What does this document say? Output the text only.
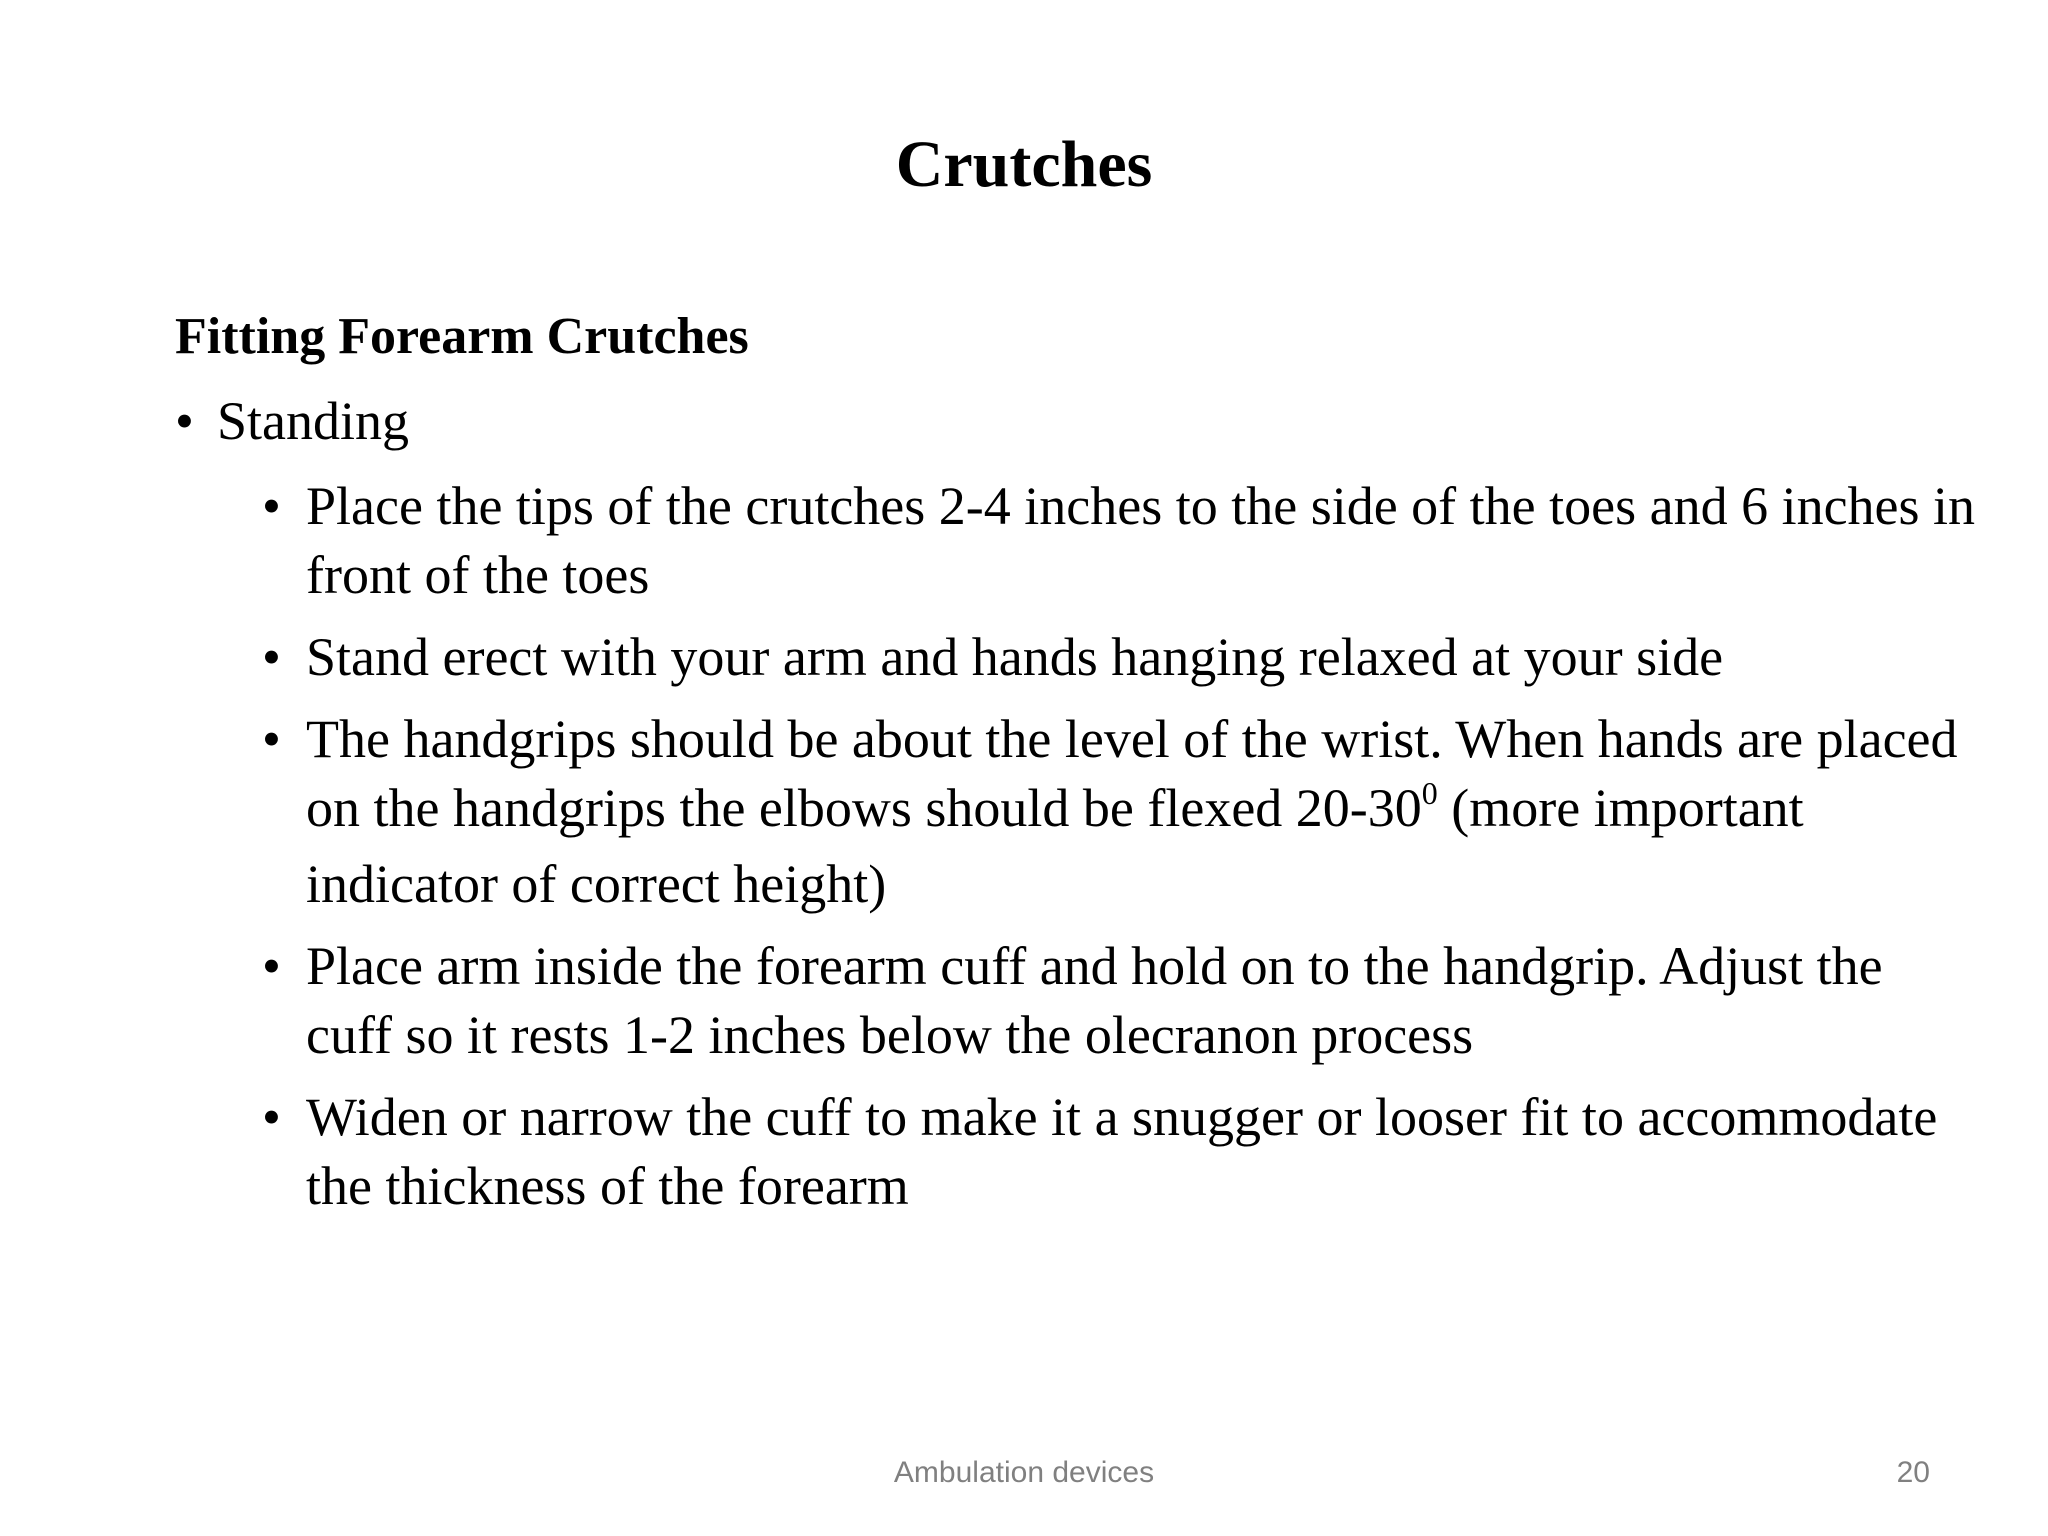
Crutches
Fitting Forearm Crutches
• Standing
• Place the tips of the crutches 2-4 inches to the side of the toes and 6 inches in front of the toes
• Stand erect with your arm and hands hanging relaxed at your side
• The handgrips should be about the level of the wrist. When hands are placed on the handgrips the elbows should be flexed $20-30^0$ (more important indicator of correct height)
• Place arm inside the forearm cuff and hold on to the handgrip. Adjust the cuff so it rests 1-2 inches below the olecranon process
• Widen or narrow the cuff to make it a snugger or looser fit to accommodate the thickness of the forearm
Ambulation devices	20
